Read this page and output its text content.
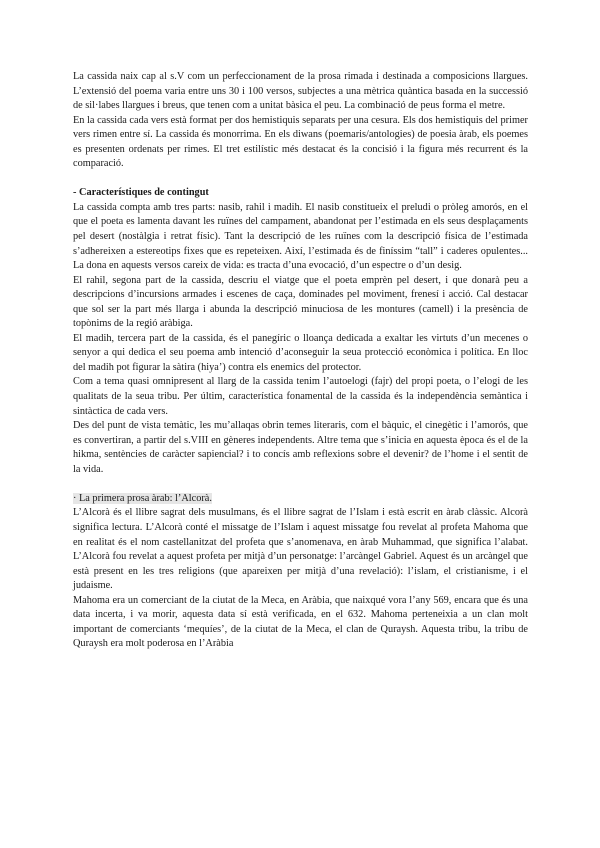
La cassida naix cap al s.V com un perfeccionament de la prosa rimada i destinada a composicions llargues. L’extensió del poema varia entre uns 30 i 100 versos, subjectes a una mètrica quàntica basada en la successió de sil·labes llargues i breus, que tenen com a unitat bàsica el peu. La combinació de peus forma el metre.

En la cassida cada vers està format per dos hemistiquis separats per una cesura. Els dos hemistiquis del primer vers rimen entre sí. La cassida és monorrima. En els diwans (poemaris/antologies) de poesia àrab, els poemes es presenten ordenats per rimes. El tret estilístic més destacat és la concisió i la figura més recurrent és la comparació.

- Característiques de contingut

La cassida compta amb tres parts: nasib, rahil i madih. El nasib constitueix el preludi o pròleg amorós, en el que el poeta es lamenta davant les ruïnes del campament, abandonat per l’estimada en els seus desplaçaments pel desert (nostàlgia i retrat físic). Tant la descripció de les ruïnes com la descripció física de l’estimada s’adhereixen a estereotips fixes que es repeteixen. Així, l’estimada és de finíssim “tall” i caderes opulentes... La dona en aquests versos careix de vida: es tracta d’una evocació, d’un espectre o d’un desig.

El rahil, segona part de la cassida, descriu el viatge que el poeta emprèn pel desert, i que donarà peu a descripcions d’incursions armades i escenes de caça, dominades pel moviment, frenesí i acció. Cal destacar que sol ser la part més llarga i abunda la descripció minuciosa de les montures (camell) i la presència de topònims de la regió aràbiga.

El madih, tercera part de la cassida, és el panegíric o lloança dedicada a exaltar les virtuts d’un mecenes o senyor a qui dedica el seu poema amb intenció d’aconseguir la seua protecció econòmica i política. En lloc del madih pot figurar la sàtira (hiya’) contra els enemics del protector.

Com a tema quasi omnipresent al llarg de la cassida tenim l’autoelogi (fajr) del propi poeta, o l’elogi de les qualitats de la seua tribu. Per últim, característica fonamental de la cassida és la independència semàntica i sintàctica de cada vers.

Des del punt de vista temàtic, les mu’allaqas obrin temes literaris, com el bàquic, el cinegètic i l’amorós, que es convertiran, a partir del s.VIII en gèneres independents. Altre tema que s’inicia en aquesta època és el de la hikma, sentències de caràcter sapiencial? i to concís amb reflexions sobre el devenir? de l’home i el sentit de la vida.

· La primera prosa àrab: l’Alcorà.

L’Alcorà és el llibre sagrat dels musulmans, és el llibre sagrat de l’Islam i està escrit en àrab clàssic. Alcorà significa lectura. L’Alcorà conté el missatge de l’Islam i aquest missatge fou revelat al profeta Mahoma que en realitat és el nom castellanitzat del profeta que s’anomenava, en àrab Muhammad, que significa l’alabat. L’Alcorà fou revelat a aquest profeta per mitjà d’un personatge: l’arcàngel Gabriel. Aquest és un arcàngel que està present en les tres religions (que apareixen per mitjà d’una revelació): l’islam, el cristianisme, i el judaisme.

Mahoma era un comerciant de la ciutat de la Meca, en Aràbia, que naixqué vora l’any 569, encara que és una data incerta, i va morir, aquesta data sí està verificada, en el 632. Mahoma perteneixia a un clan molt important de comerciants ‘mequíes’, de la ciutat de la Meca, el clan de Quraysh. Aquesta tribu, la tribu de Quraysh era molt poderosa en l’Aràbia
